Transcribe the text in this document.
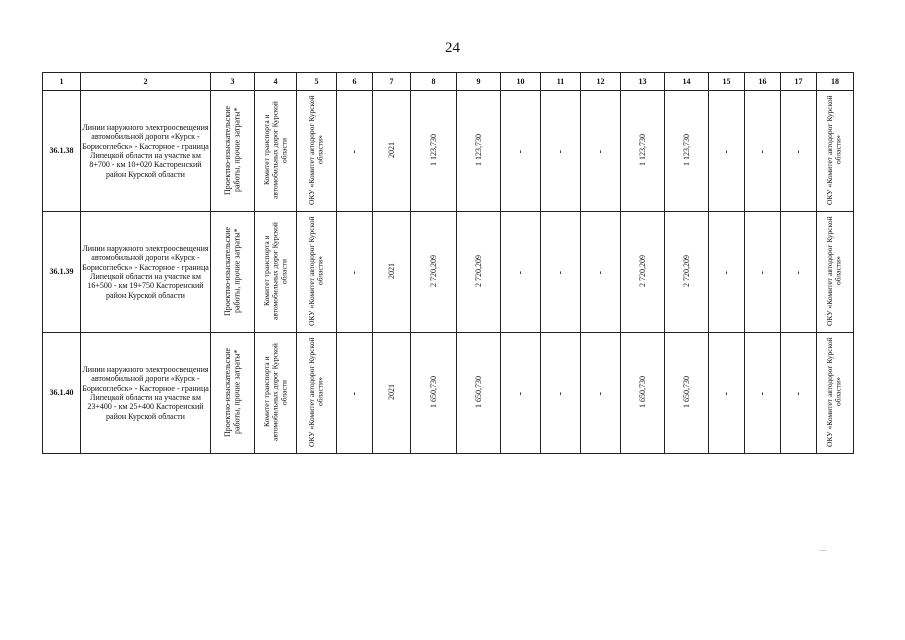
24
1	2	3	4	5	6	7	8	9	10	11	12	13	14	15	16	17	18
36.1.38	Линии наружного электроосвещения автомобильной дороги «Курск - Борисоглебск» - Касторное - граница Липецкой области на участке км 8+700 - км 10+020 Касторенский район Курской области	Проектно-изыскательские работы, прочие затраты*	Комитет транспорта и автомобильных дорог Курской области	ОКУ «Комитет автодорог Курской области»	-	2021	1 123,730	1 123,730	-	-	-	1 123,730	1 123,730	-	-	-	ОКУ «Комитет автодорог Курской области»
36.1.39	Линии наружного электроосвещения автомобильной дороги «Курск - Борисоглебск» - Касторное - граница Липецкой области на участке км 16+500 - км 19+750 Касторенский район Курской области	Проектно-изыскательские работы, прочие затраты*	Комитет транспорта и автомобильных дорог Курской области	ОКУ «Комитет автодорог Курской области»	-	2021	2 720,209	2 720,209	-	-	-	2 720,209	2 720,209	-	-	-	ОКУ «Комитет автодорог Курской области»
36.1.40	Линии наружного электроосвещения автомобильной дороги «Курск - Борисоглебск» - Касторное - граница Липецкой области на участке км 23+400 - км 25+400 Касторенский район Курской области	Проектно-изыскательские работы, прочие затраты*	Комитет транспорта и автомобильных дорог Курской области	ОКУ «Комитет автодорог Курской области»	-	2021	1 650,730	1 650,730	-	-	-	1 650,730	1 650,730	-	-	-	ОКУ «Комитет автодорог Курской области»
